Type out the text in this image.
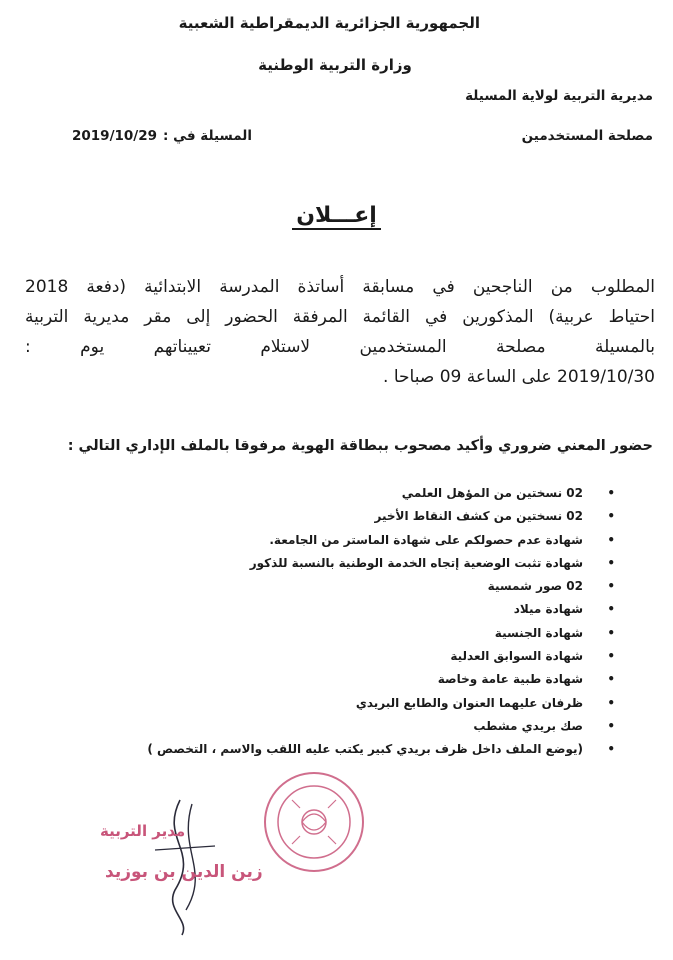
الجمهورية الجزائرية الديمقراطية الشعبية
وزارة التربية الوطنية
مديرية التربية لولاية المسيلة
مصلحة المستخدمين
المسيلة في :2019/10/29
إعـــلان
المطلوب من الناجحين في مسابقة أساتذة المدرسة الابتدائية (دفعة 2018
احتياط عربية) المذكورين في القائمة المرفقة الحضور إلى مقر مديرية التربية
بالمسيلة مصلحة المستخدمين لاستلام تعييناتهم يوم :
2019/10/30 على الساعة 09 صباحا .
حضور المعني ضروري وأكيد مصحوب ببطاقة الهوية مرفوقا بالملف الإداري التالي :
•
02 نسختين من المؤهل العلمي
•
02 نسختين من كشف النقاط الأخير
•
شهادة عدم حصولكم على شهادة الماستر من الجامعة.
•
شهادة تثبت الوضعية إتجاه الخدمة الوطنية بالنسبة للذكور
•
02 صور شمسية
•
شهادة ميلاد
•
شهادة الجنسية
•
شهادة السوابق العدلية
•
شهادة طبية عامة وخاصة
•
ظرفان عليهما العنوان والطابع البريدي
•
صك بريدي مشطب
•
(يوضع الملف داخل ظرف بريدي كبير يكتب عليه اللقب والاسم ، التخصص )
مدير التربية
زين الدين بن بوزيد
